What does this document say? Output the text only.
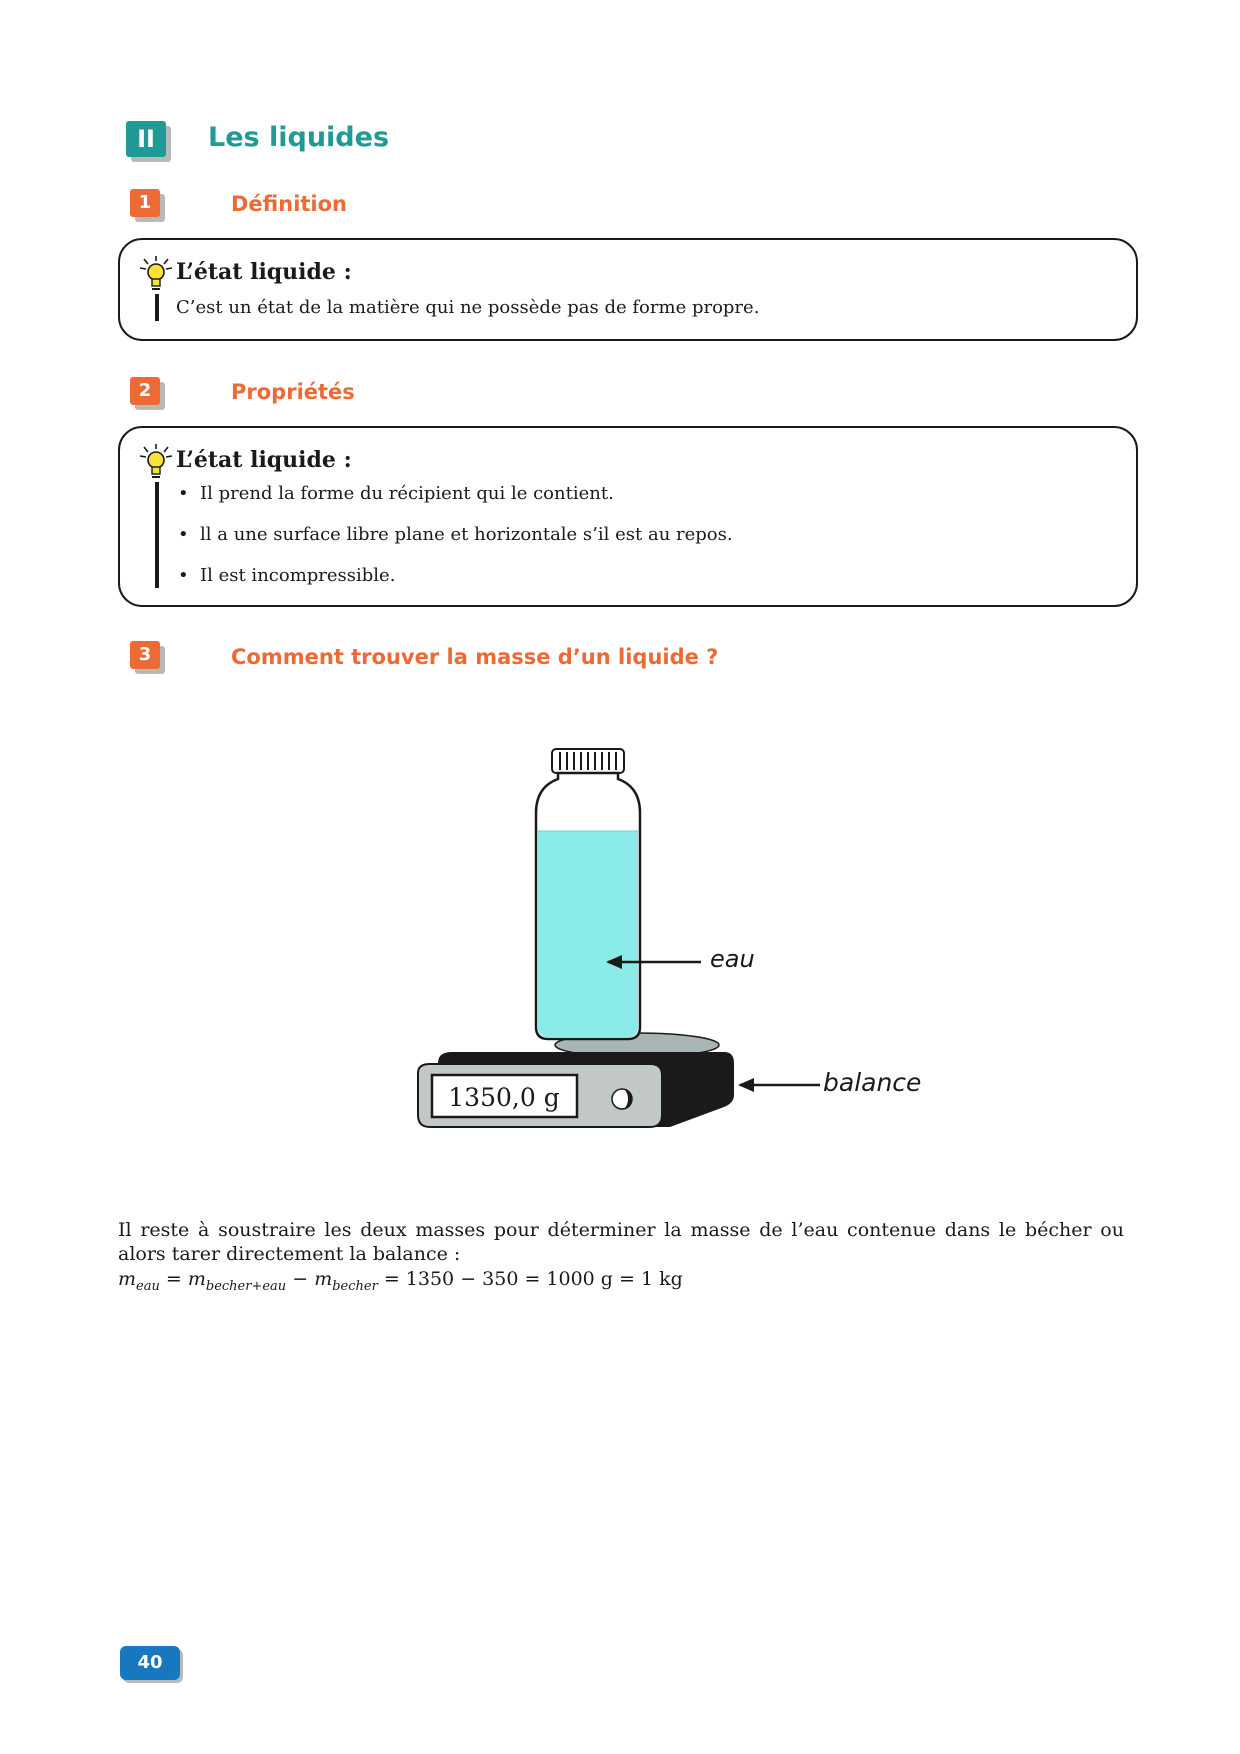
II	Les liquides
1	Définition
L’état liquide :
C’est un état de la matière qui ne possède pas de forme propre.
2	Propriétés
L’état liquide :
• Il prend la forme du récipient qui le contient.
• ll a une surface libre plane et horizontale s’il est au repos.
• Il est incompressible.
3	Comment trouver la masse d’un liquide ?
1350,0 g
eau
balance
Il reste à soustraire les deux masses pour déterminer la masse de l’eau contenue dans le bécher ou alors tarer directement la balance :
$m_{eau} = m_{becher+eau} - m_{becher} = 1350 - 350 = 1000$ g = 1 kg
40
